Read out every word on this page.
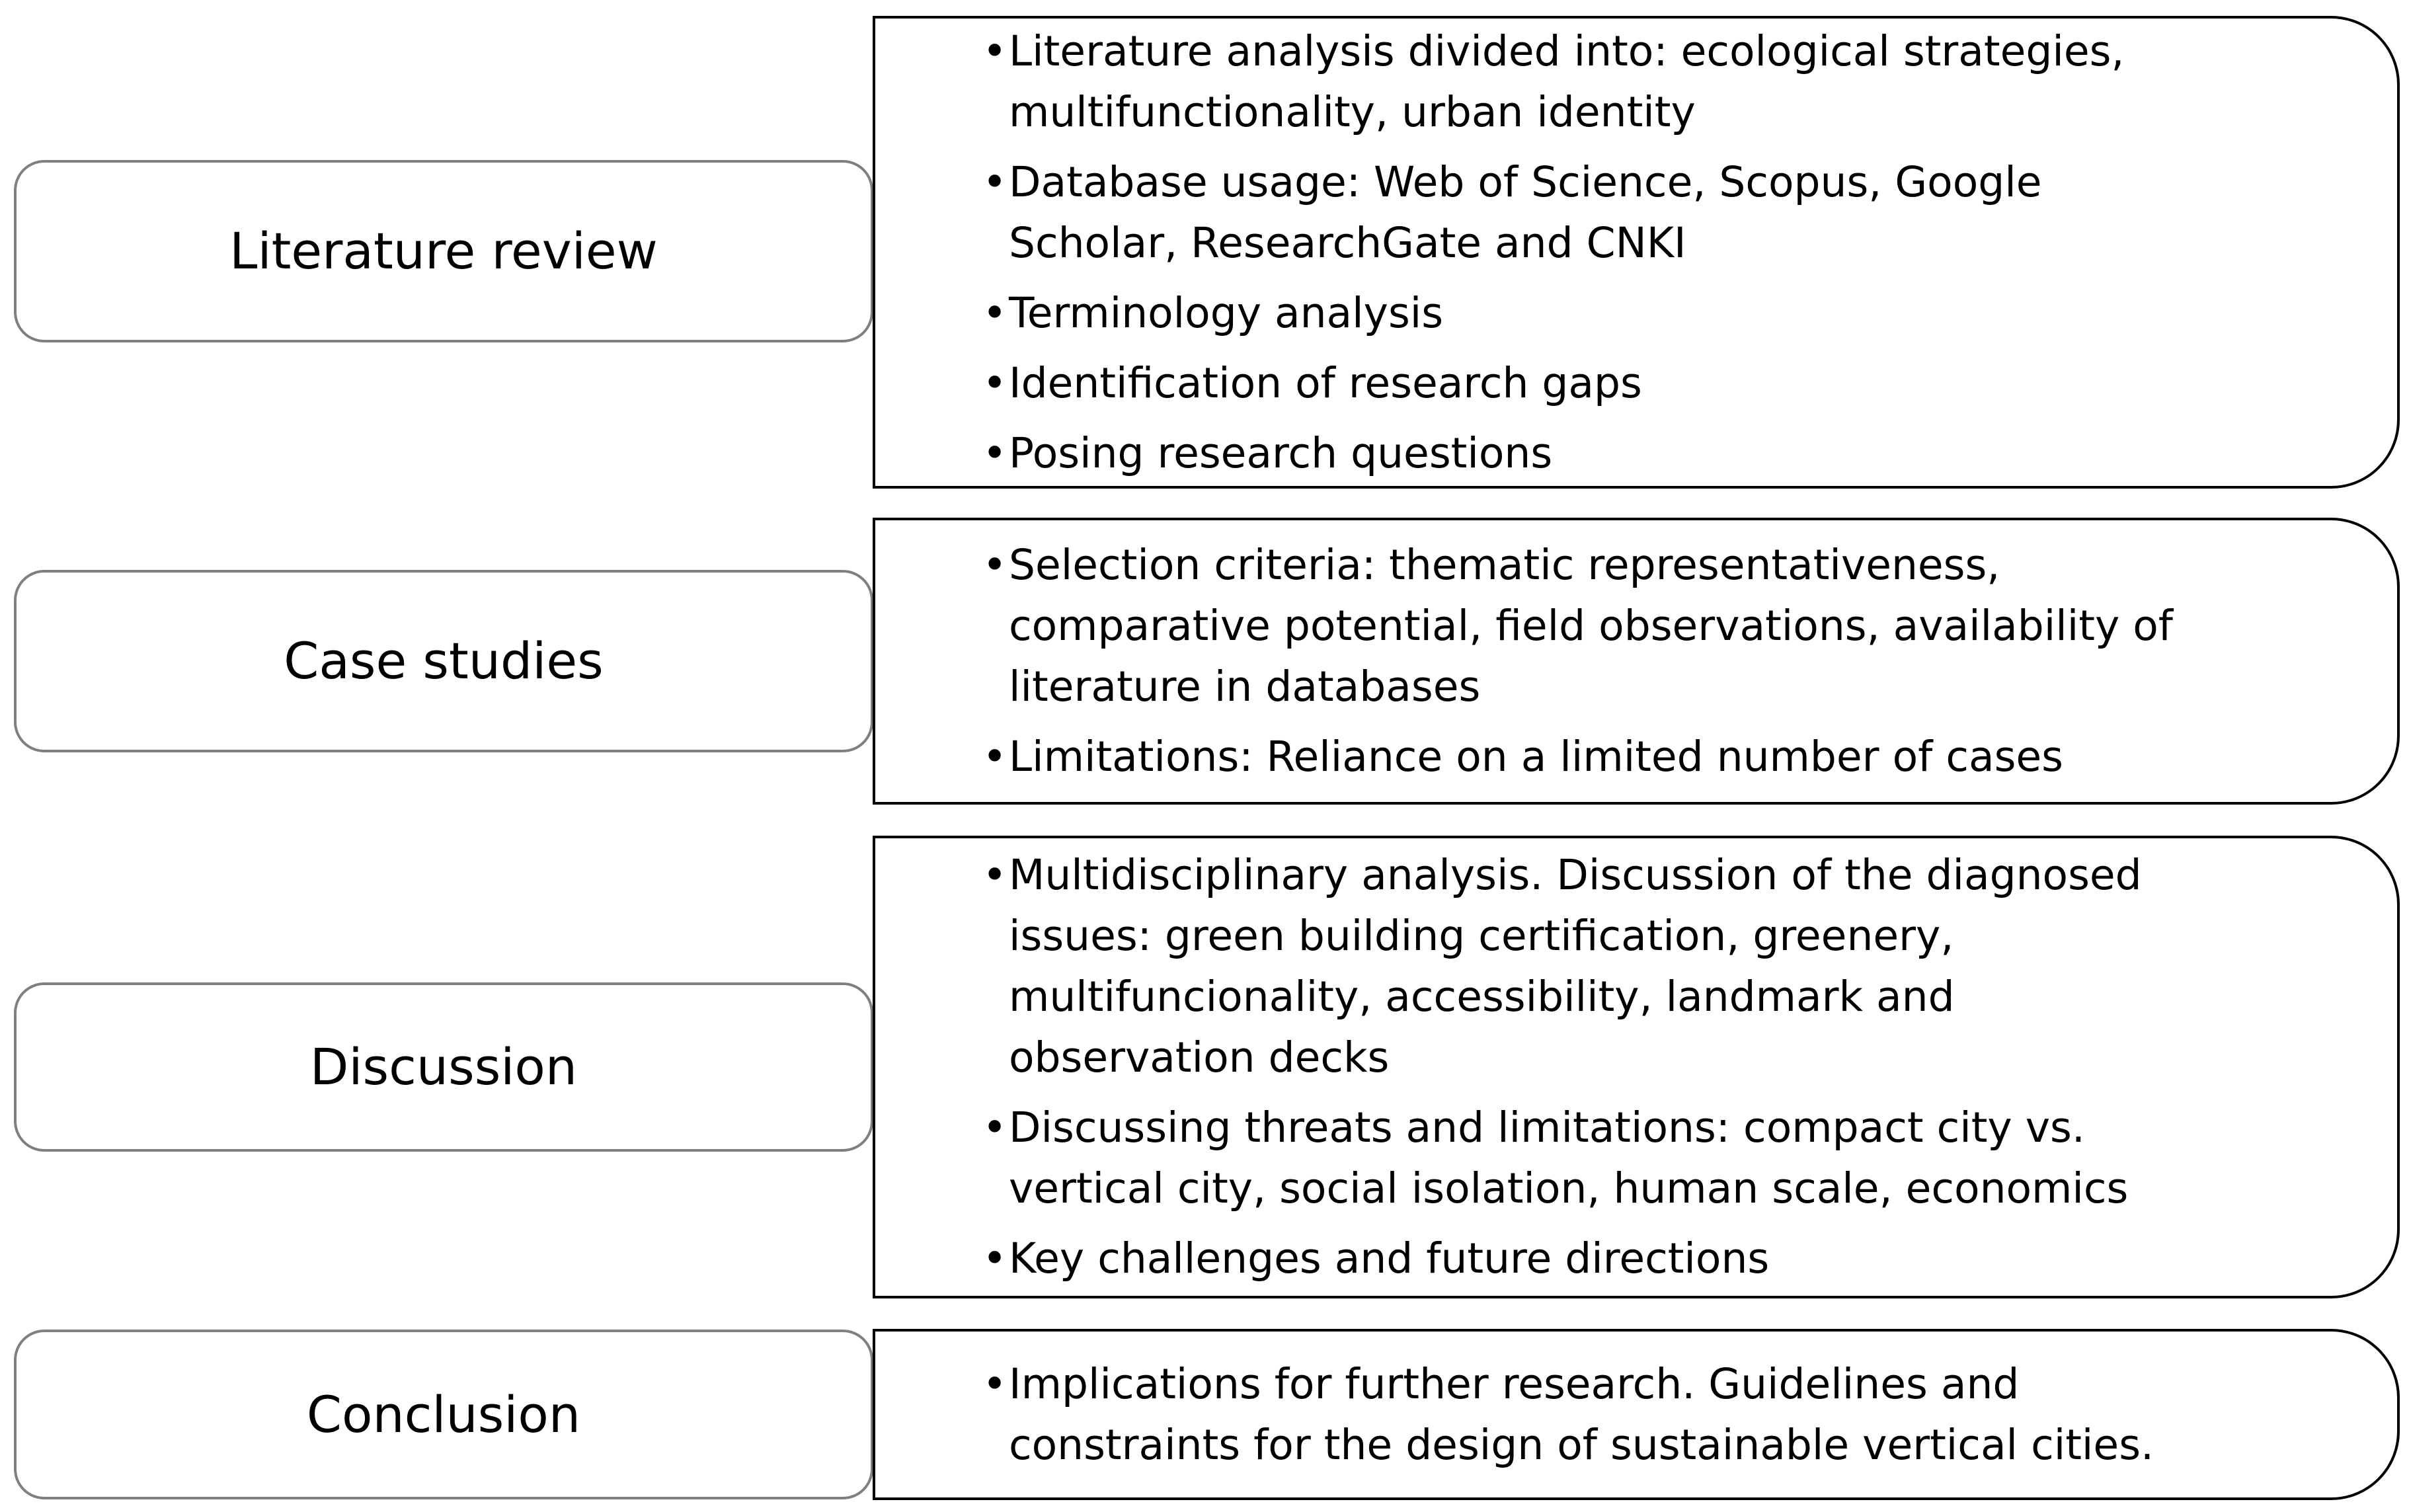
Literature review
• Literature analysis divided into: ecological strategies,
multifunctionality, urban identity
• Database usage: Web of Science, Scopus, Google
Scholar, ResearchGate and CNKI
• Terminology analysis
• Identification of research gaps
• Posing research questions
Case studies
• Selection criteria: thematic representativeness,
comparative potential, field observations, availability of
literature in databases
• Limitations: Reliance on a limited number of cases
Discussion
• Multidisciplinary analysis. Discussion of the diagnosed
issues: green building certification, greenery,
multifuncionality, accessibility, landmark and
observation decks
• Discussing threats and limitations: compact city vs.
vertical city, social isolation, human scale, economics
• Key challenges and future directions
Conclusion
• Implications for further research. Guidelines and
constraints for the design of sustainable vertical cities.
